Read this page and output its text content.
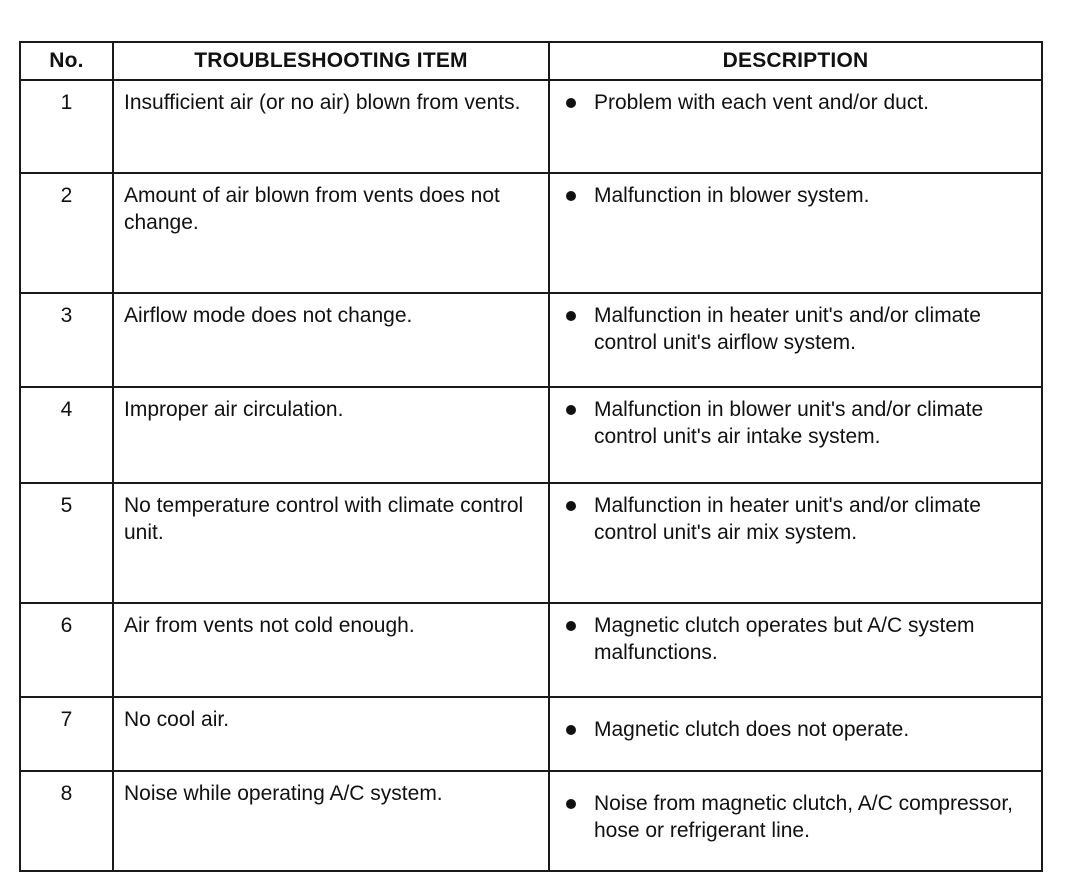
No.	TROUBLESHOOTING ITEM	DESCRIPTION
1	Insufficient air (or no air) blown from vents.	Problem with each vent and/or duct.

2	Amount of air blown from vents does not change.	Malfunction in blower system.

3	Airflow mode does not change.	Malfunction in heater unit's and/or climate control unit's airflow system.

4	Improper air circulation.	Malfunction in blower unit's and/or climate control unit's air intake system.

5	No temperature control with climate control unit.	Malfunction in heater unit's and/or climate control unit's air mix system.

6	Air from vents not cold enough.	Magnetic clutch operates but A/C system malfunctions.

7	No cool air.	Magnetic clutch does not operate.

8	Noise while operating A/C system.	Noise from magnetic clutch, A/C compressor, hose or refrigerant line.
